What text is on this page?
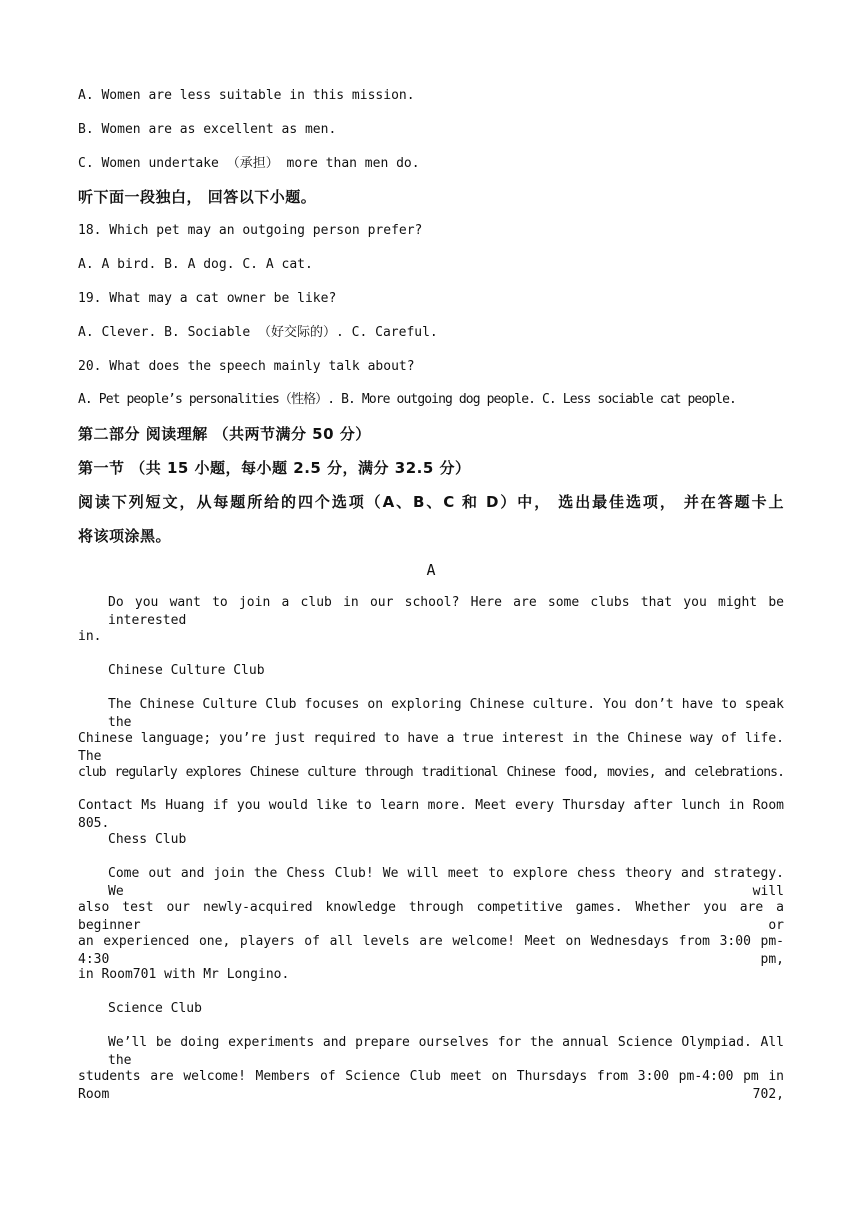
A. Women are less suitable in this mission.
B. Women are as excellent as men.
C. Women undertake （承担） more than men do.
听下面一段独白， 回答以下小题。
18. Which pet may an outgoing person prefer?
A. A bird. B. A dog. C. A cat.
19. What may a cat owner be like?
A. Clever. B. Sociable （好交际的）. C. Careful.
20. What does the speech mainly talk about?
A. Pet people’s personalities（性格）. B. More outgoing dog people. C. Less sociable cat people.
第二部分 阅读理解 （共两节满分 50 分）
第一节 （共 15 小题，每小题 2.5 分，满分 32.5 分）
阅读下列短文，从每题所给的四个选项（A、B、C 和 D）中， 选出最佳选项， 并在答题卡上
将该项涂黑。
A
Do you want to join a club in our school? Here are some clubs that you might be interested
in.
Chinese Culture Club
The Chinese Culture Club focuses on exploring Chinese culture. You don’t have to speak the
Chinese language; you’re just required to have a true interest in the Chinese way of life. The
club regularly explores Chinese culture through traditional Chinese food, movies, and celebrations.
Contact Ms Huang if you would like to learn more. Meet every Thursday after lunch in Room 805.
Chess Club
Come out and join the Chess Club! We will meet to explore chess theory and strategy. We will
also test our newly-acquired knowledge through competitive games. Whether you are a beginner or
an experienced one, players of all levels are welcome! Meet on Wednesdays from 3:00 pm-4:30 pm,
in Room701 with Mr Longino.
Science Club
We’ll be doing experiments and prepare ourselves for the annual Science Olympiad. All the
students are welcome! Members of Science Club meet on Thursdays from 3:00 pm-4:00 pm in Room 702,
